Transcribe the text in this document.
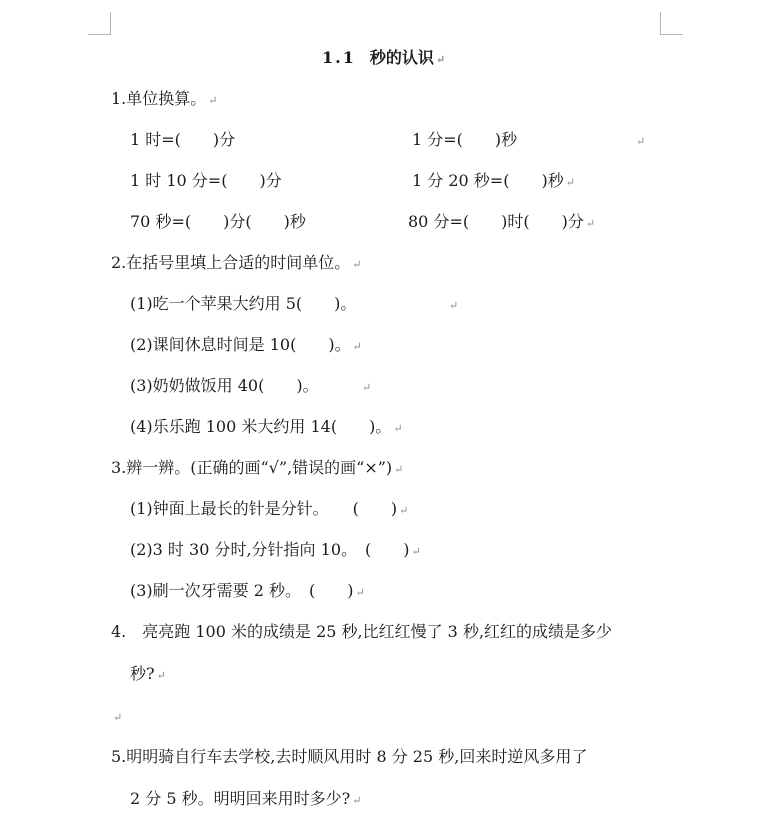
1.1 秒的认识 ↵
1.单位换算。 ↵
1 时=(　　)分	1 分=(　　)秒	↵
1 时 10 分=(　　)分	1 分 20 秒=(　　)秒 ↵
70 秒=(　　)分(　　)秒	80 分=(　　)时(　　)分 ↵
2.在括号里填上合适的时间单位。 ↵
(1)吃一个苹果大约用 5(　　)。	↵
(2)课间休息时间是 10(　　)。 ↵
(3)奶奶做饭用 40(　　)。	↵
(4)乐乐跑 100 米大约用 14(　　)。 ↵
3.辨一辨。(正确的画“√”,错误的画“×”) ↵
(1)钟面上最长的针是分针。　　(　　) ↵
(2)3 时 30 分时,分针指向 10。　(　　) ↵
(3)刷一次牙需要 2 秒。　(　　) ↵
4.　亮亮跑 100 米的成绩是 25 秒,比红红慢了 3 秒,红红的成绩是多少
秒? ↵
↵
5.明明骑自行车去学校,去时顺风用时 8 分 25 秒,回来时逆风多用了
2 分 5 秒。明明回来用时多少? ↵
